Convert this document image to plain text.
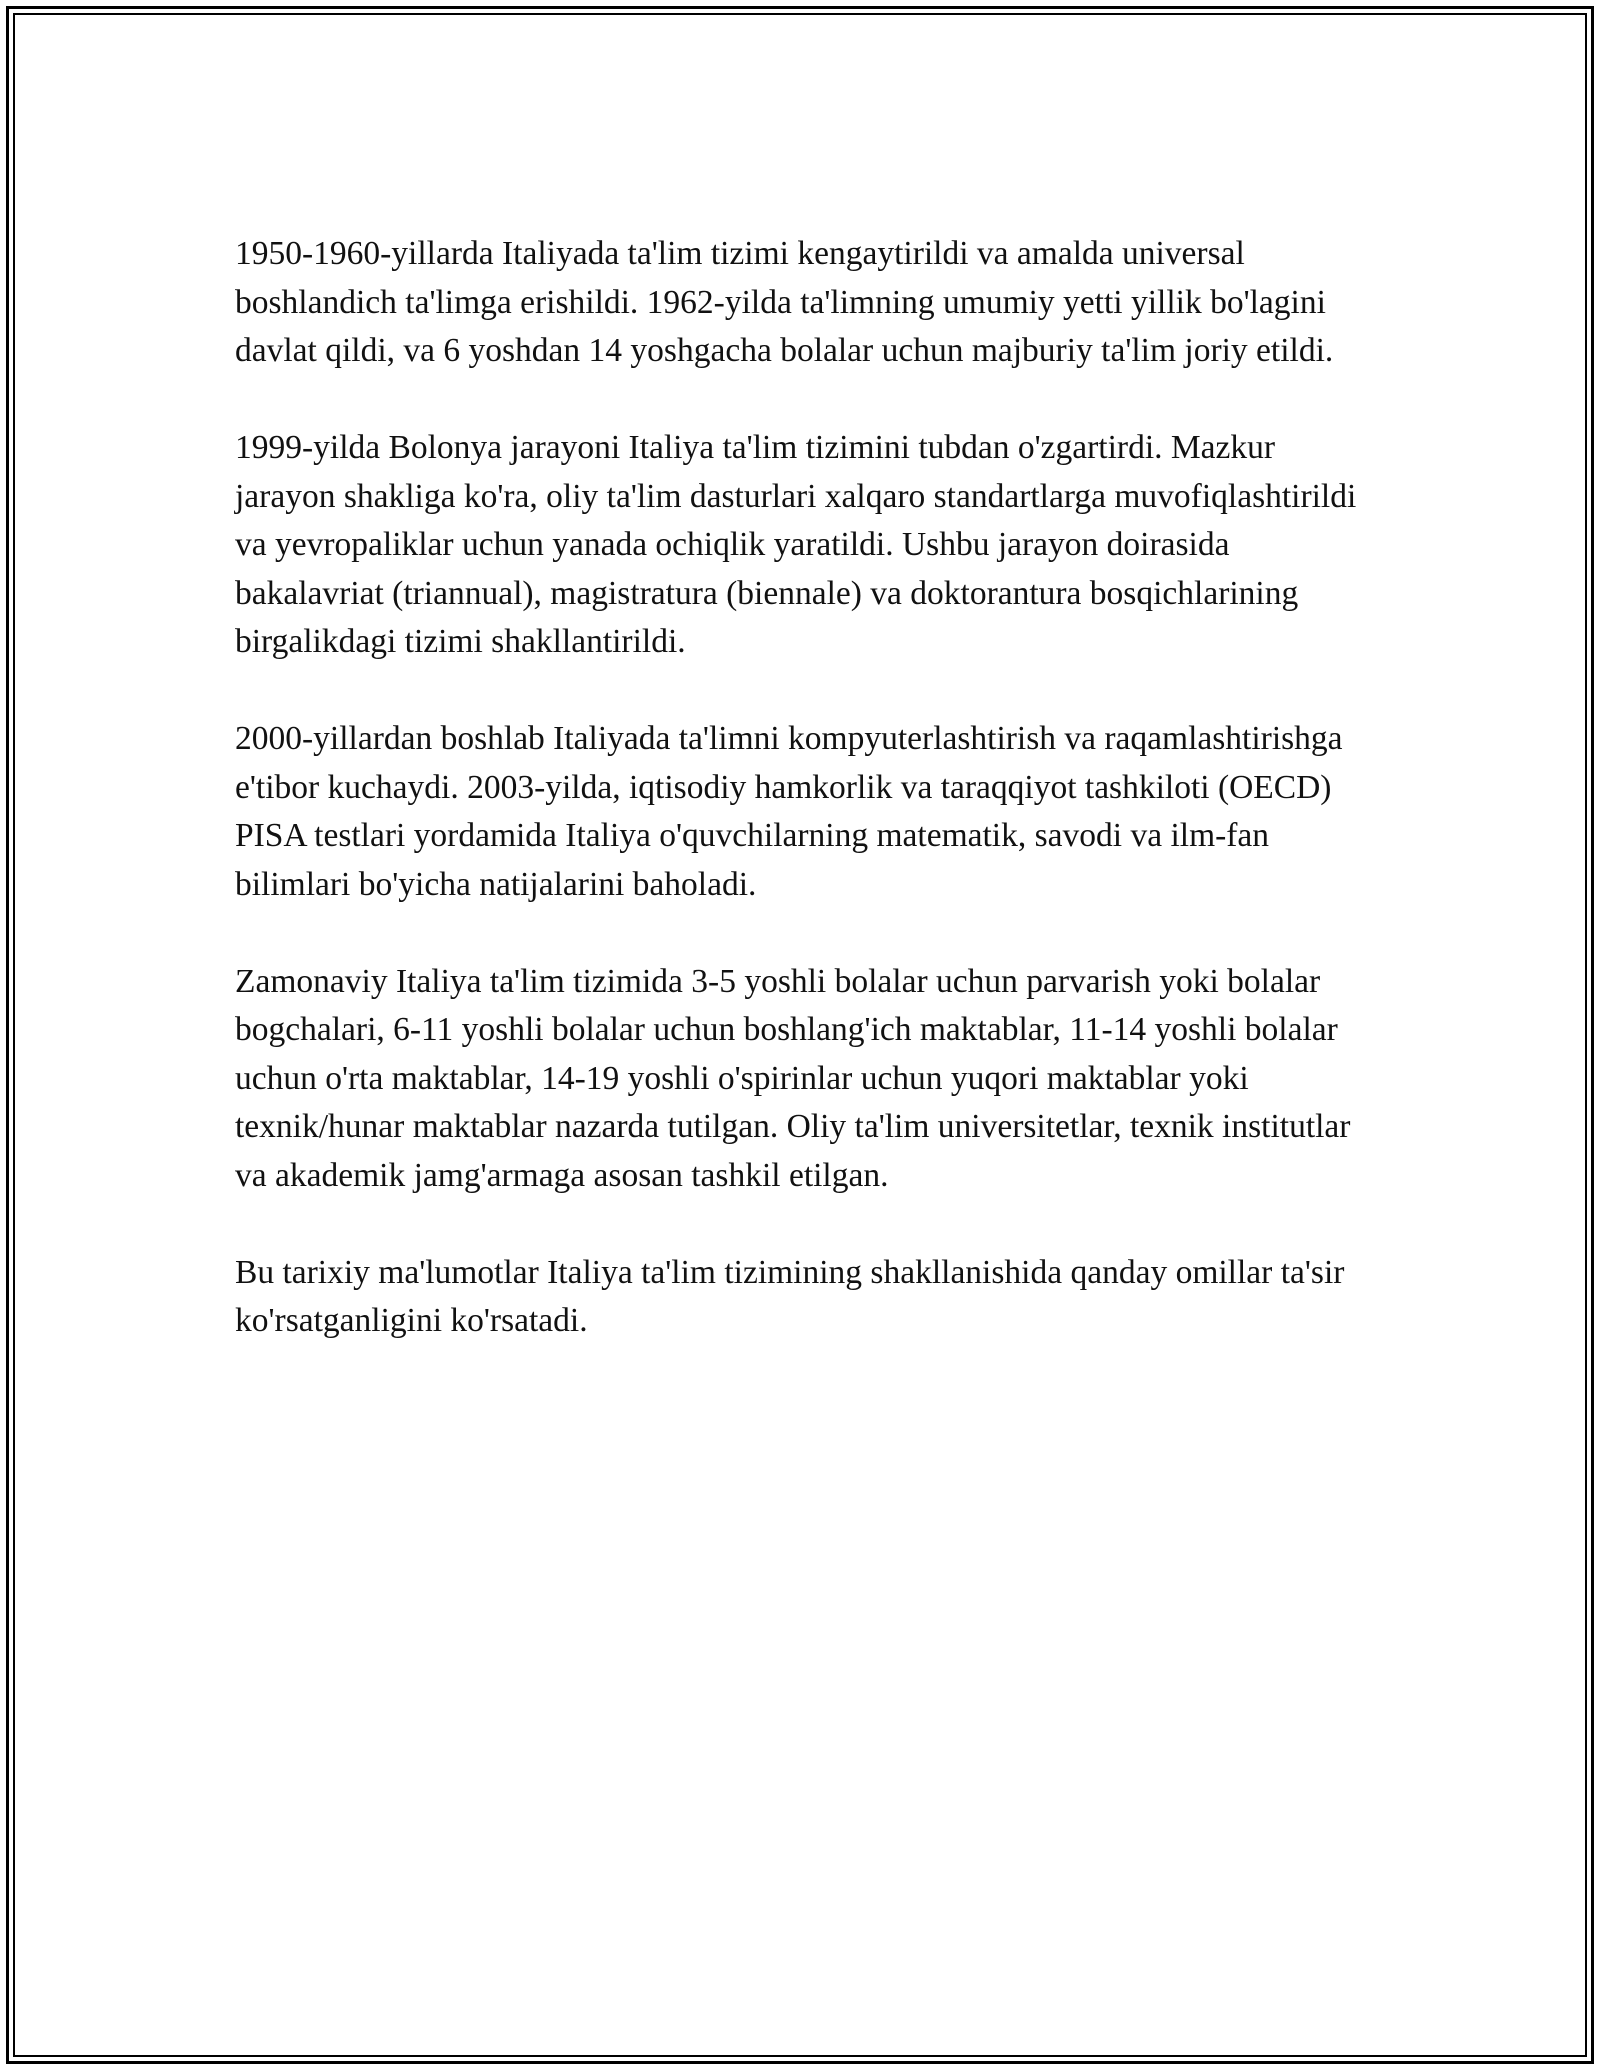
1950-1960-yillarda Italiyada ta'lim tizimi kengaytirildi va amalda universal boshlandich ta'limga erishildi. 1962-yilda ta'limning umumiy yetti yillik bo'lagini davlat qildi, va 6 yoshdan 14 yoshgacha bolalar uchun majburiy ta'lim joriy etildi.

1999-yilda Bolonya jarayoni Italiya ta'lim tizimini tubdan o'zgartirdi. Mazkur jarayon shakliga ko'ra, oliy ta'lim dasturlari xalqaro standartlarga muvofiqlashtirildi va yevropaliklar uchun yanada ochiqlik yaratildi. Ushbu jarayon doirasida bakalavriat (triannual), magistratura (biennale) va doktorantura bosqichlarining birgalikdagi tizimi shakllantirildi.

2000-yillardan boshlab Italiyada ta'limni kompyuterlashtirish va raqamlashtirishga e'tibor kuchaydi. 2003-yilda, iqtisodiy hamkorlik va taraqqiyot tashkiloti (OECD) PISA testlari yordamida Italiya o'quvchilarning matematik, savodi va ilm-fan bilimlari bo'yicha natijalarini baholadi.

Zamonaviy Italiya ta'lim tizimida 3-5 yoshli bolalar uchun parvarish yoki bolalar bogchalari, 6-11 yoshli bolalar uchun boshlang'ich maktablar, 11-14 yoshli bolalar uchun o'rta maktablar, 14-19 yoshli o'spirinlar uchun yuqori maktablar yoki texnik/hunar maktablar nazarda tutilgan. Oliy ta'lim universitetlar, texnik institutlar va akademik jamg'armaga asosan tashkil etilgan.

Bu tarixiy ma'lumotlar Italiya ta'lim tizimining shakllanishida qanday omillar ta'sir ko'rsatganligini ko'rsatadi.
